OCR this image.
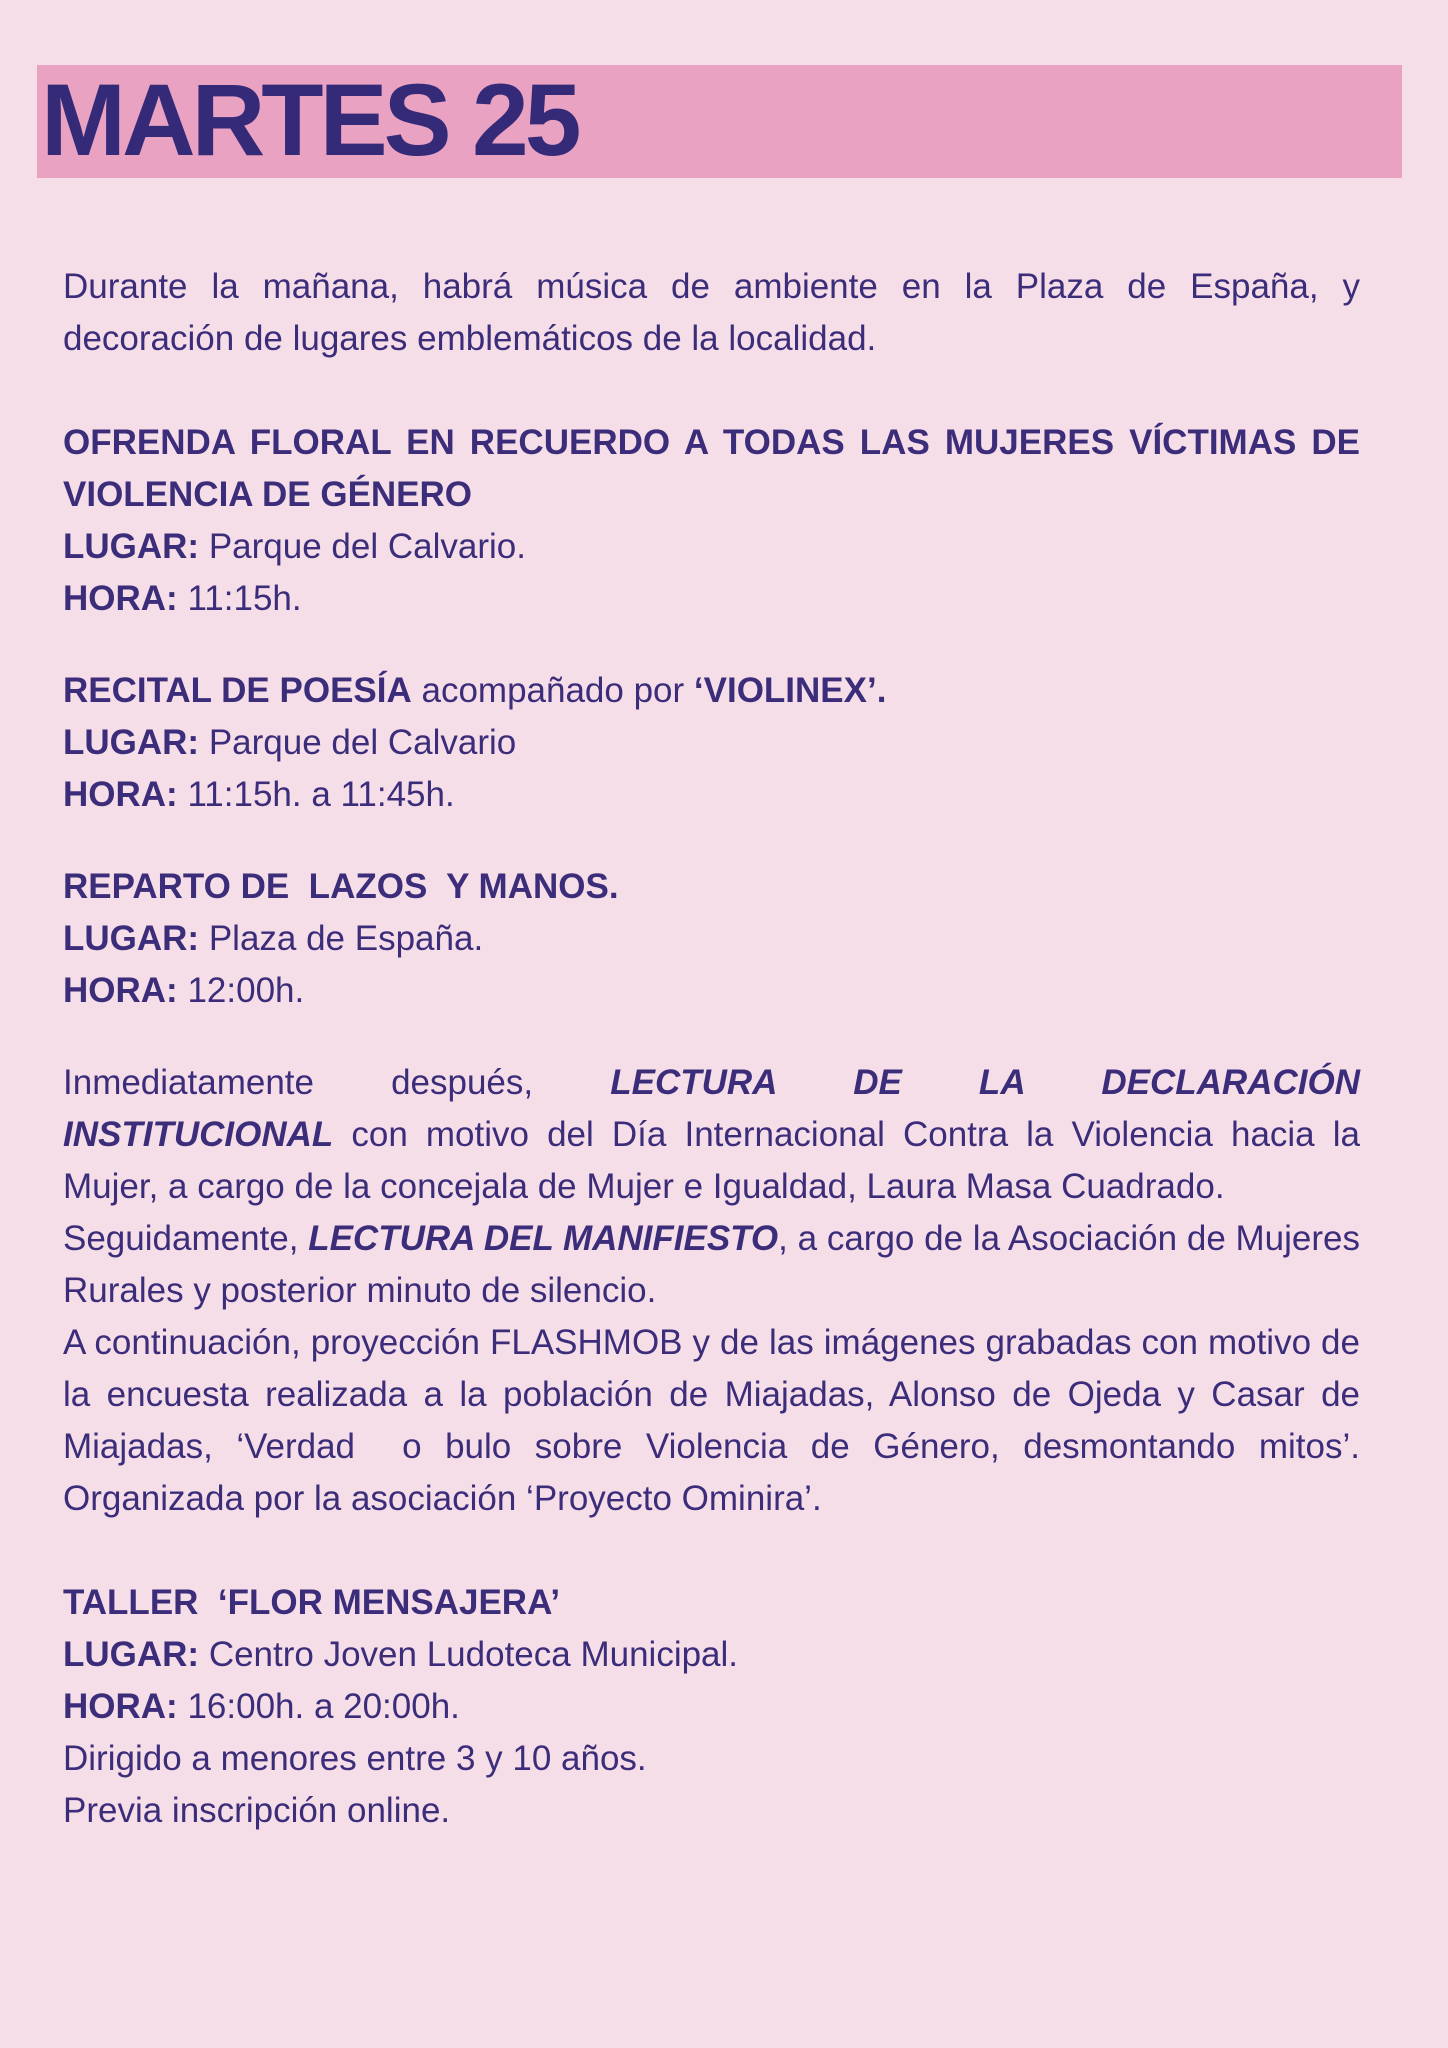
MARTES 25

Durante la mañana, habrá música de ambiente en la Plaza de España, y decoración de lugares emblemáticos de la localidad.

OFRENDA FLORAL EN RECUERDO A TODAS LAS MUJERES VÍCTIMAS DE VIOLENCIA DE GÉNERO

LUGAR: Parque del Calvario.

HORA: 11:15h.

RECITAL DE POESÍA acompañado por ‘VIOLINEX’.

LUGAR: Parque del Calvario

HORA: 11:15h. a 11:45h.

REPARTO DE  LAZOS  Y MANOS.

LUGAR: Plaza de España.

HORA: 12:00h.

Inmediatamente después, LECTURA DE LA DECLARACIÓN

INSTITUCIONAL con motivo del Día Internacional Contra la Violencia hacia la Mujer, a cargo de la concejala de Mujer e Igualdad, Laura Masa Cuadrado.

Seguidamente, LECTURA DEL MANIFIESTO, a cargo de la Asociación de Mujeres Rurales y posterior minuto de silencio.

A continuación, proyección FLASHMOB y de las imágenes grabadas con motivo de la encuesta realizada a la población de Miajadas, Alonso de Ojeda y Casar de Miajadas, ‘Verdad  o bulo sobre Violencia de Género, desmontando mitos’. Organizada por la asociación ‘Proyecto Ominira’.

TALLER  ‘FLOR MENSAJERA’

LUGAR: Centro Joven Ludoteca Municipal.

HORA: 16:00h. a 20:00h.

Dirigido a menores entre 3 y 10 años.

Previa inscripción online.
